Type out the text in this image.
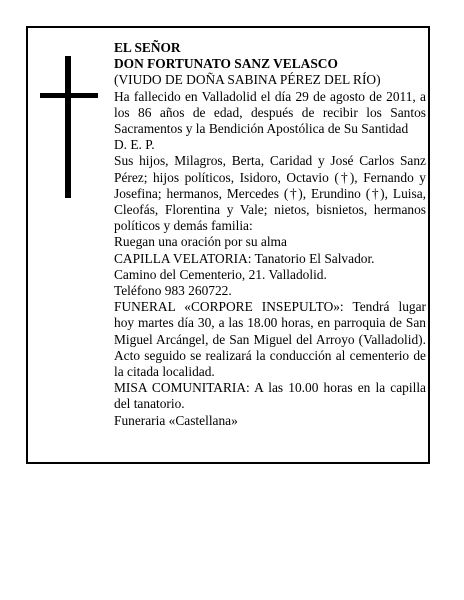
EL SEÑOR

DON FORTUNATO SANZ VELASCO

(VIUDO DE DOÑA SABINA PÉREZ DEL RÍO)

Ha fallecido en Valladolid el día 29 de agosto de 2011, a los 86 años de edad, después de recibir los Santos Sacramentos y la Bendición Apostólica de Su Santidad

D. E. P.

Sus hijos, Milagros, Berta, Caridad y José Carlos Sanz Pérez; hijos políticos, Isidoro, Octavio (†), Fernando y Josefina; hermanos, Mercedes (†), Erundino (†), Luisa, Cleofás, Florentina y Vale; nietos, bisnietos, hermanos políticos y demás familia:

Ruegan una oración por su alma

CAPILLA VELATORIA: Tanatorio El Salvador.

Camino del Cementerio, 21. Valladolid.

Teléfono 983 260722.

FUNERAL «CORPORE INSEPULTO»: Tendrá lugar hoy martes día 30, a las 18.00 horas, en parroquia de San Miguel Arcángel, de San Miguel del Arroyo (Valladolid). Acto seguido se realizará la conducción al cementerio de la citada localidad.

MISA COMUNITARIA: A las 10.00 horas en la capilla del tanatorio.

Funeraria «Castellana»
